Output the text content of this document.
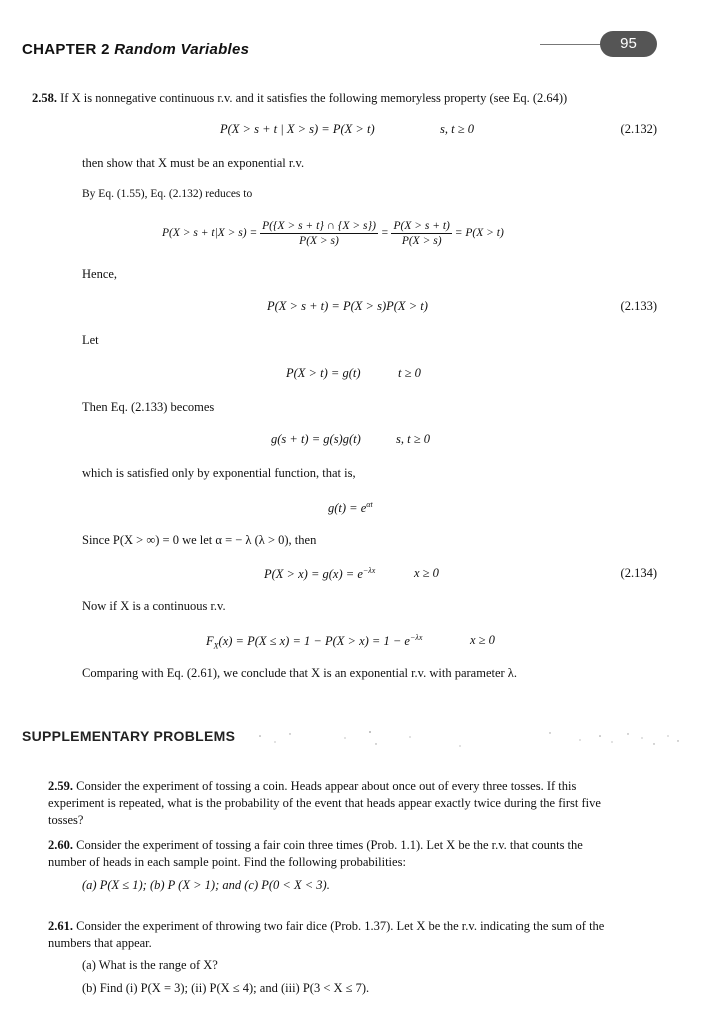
CHAPTER 2 Random Variables	95
2.58. If X is nonnegative continuous r.v. and it satisfies the following memoryless property (see Eq. (2.64))
P(X > s + t | X > s) = P(X > t)	s, t ≥ 0	(2.132)
then show that X must be an exponential r.v.
By Eq. (1.55), Eq. (2.132) reduces to
$P(X > s + t|X > s) = \frac{P(\{X > s + t\} \cap \{X > s\})}{P(X > s)} = \frac{P(X > s + t)}{P(X > s)} = P(X > t)$
Hence,
P(X > s + t) = P(X > s)P(X > t)	(2.133)
Let
P(X > t) = g(t)	t ≥ 0
Then Eq. (2.133) becomes
g(s + t) = g(s)g(t)	s, t ≥ 0
which is satisfied only by exponential function, that is,
$g(t) = e^{\alpha t}$
Since P(X > ∞) = 0 we let α = − λ (λ > 0), then
$P(X > x) = g(x) = e^{-\lambda x}$	x ≥ 0	(2.134)
Now if X is a continuous r.v.
$F_X(x) = P(X \le x) = 1 - P(X > x) = 1 - e^{-\lambda x}$	x ≥ 0
Comparing with Eq. (2.61), we conclude that X is an exponential r.v. with parameter λ.
SUPPLEMENTARY PROBLEMS
2.59. Consider the experiment of tossing a coin. Heads appear about once out of every three tosses. If this experiment is repeated, what is the probability of the event that heads appear exactly twice during the first five tosses?
2.60. Consider the experiment of tossing a fair coin three times (Prob. 1.1). Let X be the r.v. that counts the number of heads in each sample point. Find the following probabilities:
(a) P(X ≤ 1); (b) P (X > 1); and (c) P(0 < X < 3).
2.61. Consider the experiment of throwing two fair dice (Prob. 1.37). Let X be the r.v. indicating the sum of the numbers that appear.
(a) What is the range of X?
(b) Find (i) P(X = 3); (ii) P(X ≤ 4); and (iii) P(3 < X ≤ 7).
